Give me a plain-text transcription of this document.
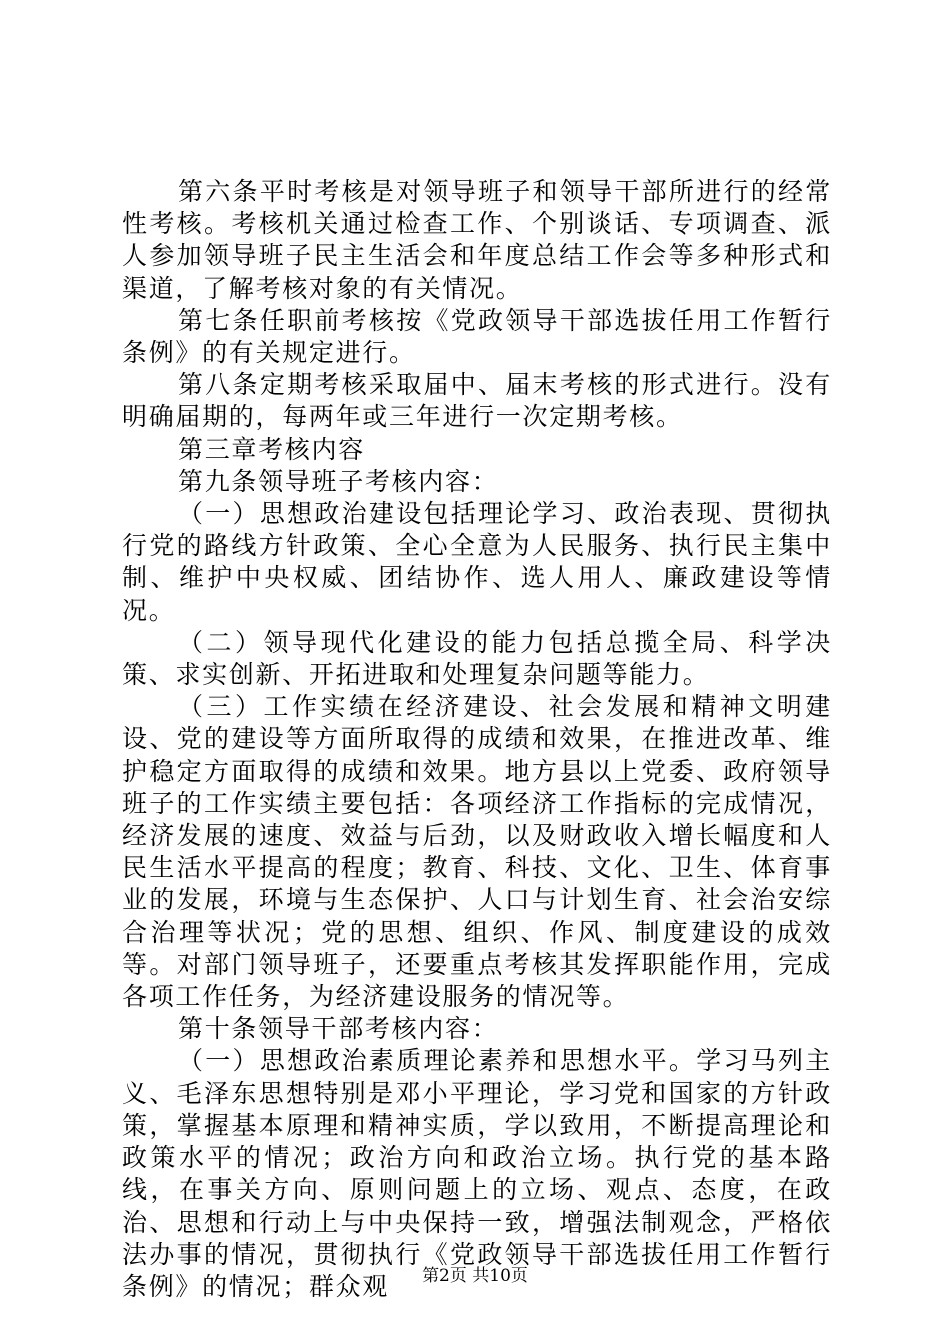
第六条平时考核是对领导班子和领导干部所进行的经常性考核。考核机关通过检查工作、个别谈话、专项调查、派人参加领导班子民主生活会和年度总结工作会等多种形式和渠道，了解考核对象的有关情况。

第七条任职前考核按《党政领导干部选拔任用工作暂行条例》的有关规定进行。

第八条定期考核采取届中、届末考核的形式进行。没有明确届期的，每两年或三年进行一次定期考核。

第三章考核内容

第九条领导班子考核内容：

（一）思想政治建设包括理论学习、政治表现、贯彻执行党的路线方针政策、全心全意为人民服务、执行民主集中制、维护中央权威、团结协作、选人用人、廉政建设等情况。

（二）领导现代化建设的能力包括总揽全局、科学决策、求实创新、开拓进取和处理复杂问题等能力。

（三）工作实绩在经济建设、社会发展和精神文明建设、党的建设等方面所取得的成绩和效果，在推进改革、维护稳定方面取得的成绩和效果。地方县以上党委、政府领导班子的工作实绩主要包括：各项经济工作指标的完成情况，经济发展的速度、效益与后劲，以及财政收入增长幅度和人民生活水平提高的程度；教育、科技、文化、卫生、体育事业的发展，环境与生态保护、人口与计划生育、社会治安综合治理等状况；党的思想、组织、作风、制度建设的成效等。对部门领导班子，还要重点考核其发挥职能作用，完成各项工作任务，为经济建设服务的情况等。

第十条领导干部考核内容：

（一）思想政治素质理论素养和思想水平。学习马列主义、毛泽东思想特别是邓小平理论，学习党和国家的方针政策，掌握基本原理和精神实质，学以致用，不断提高理论和政策水平的情况；政治方向和政治立场。执行党的基本路线，在事关方向、原则问题上的立场、观点、态度，在政治、思想和行动上与中央保持一致，增强法制观念，严格依法办事的情况，贯彻执行《党政领导干部选拔任用工作暂行条例》的情况；群众观	第2页 共10页
